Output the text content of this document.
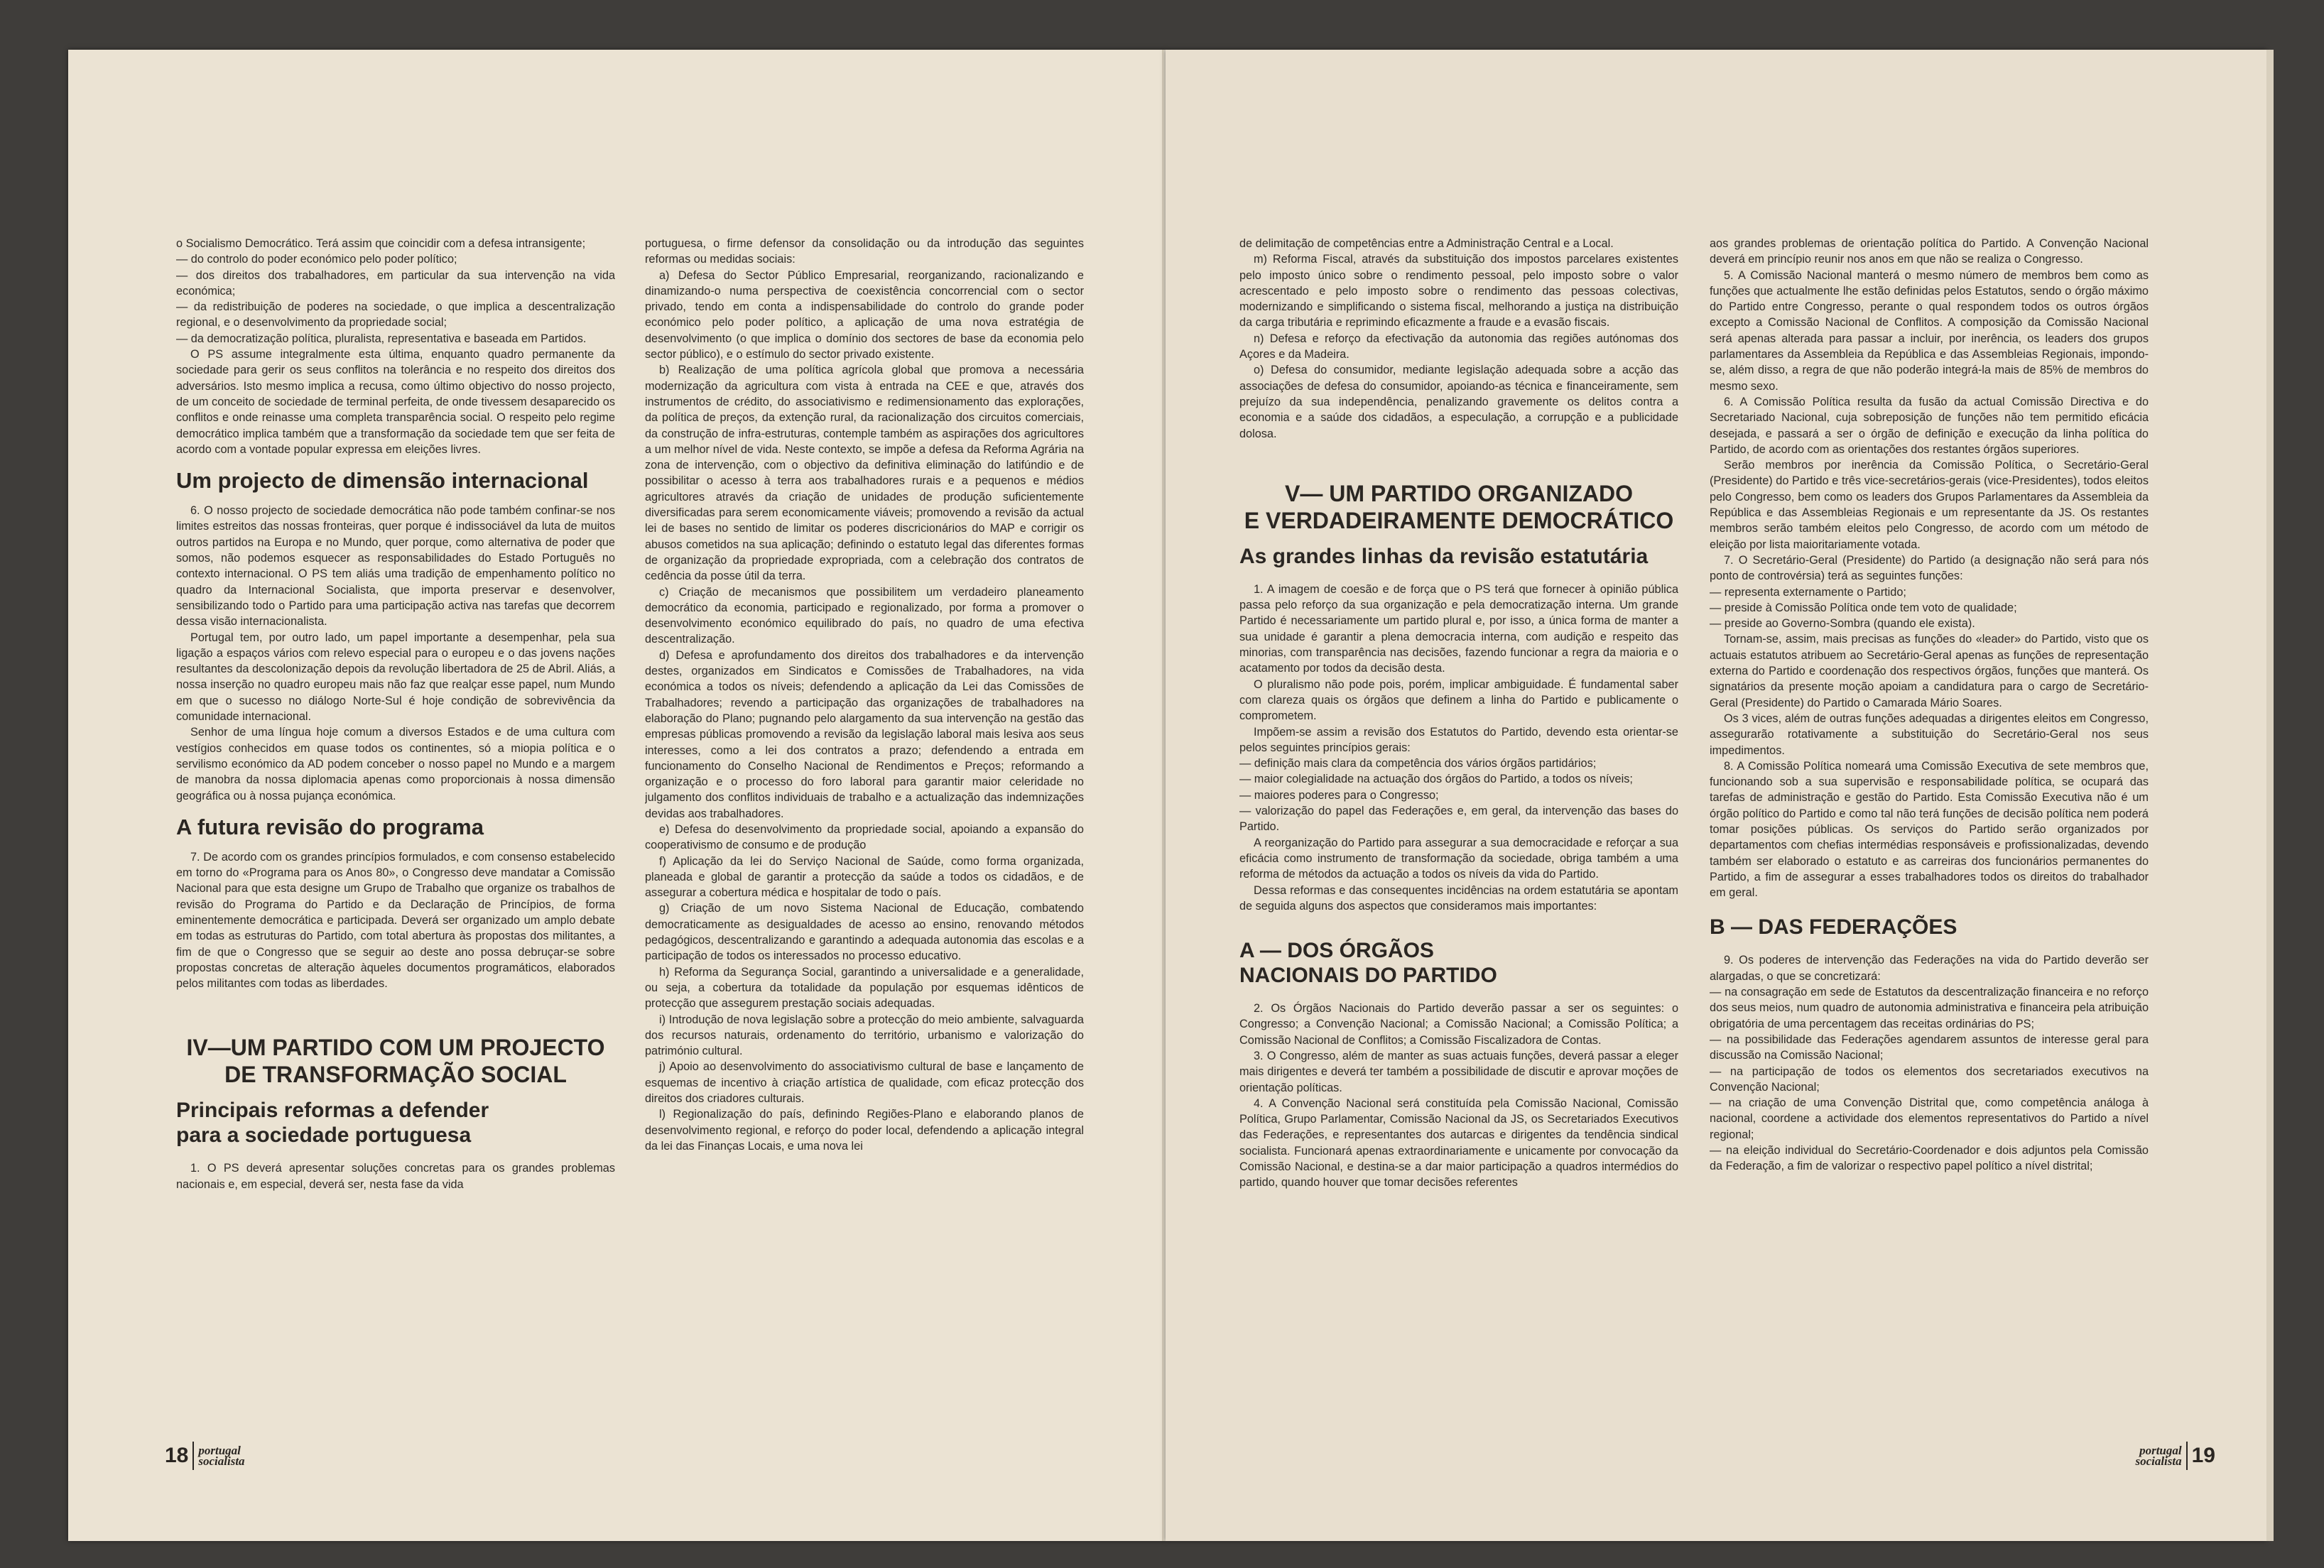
o Socialismo Democrático. Terá assim que coincidir com a defesa intransigente;

— do controlo do poder económico pelo poder político;

— dos direitos dos trabalhadores, em particular da sua intervenção na vida económica;

— da redistribuição de poderes na sociedade, o que implica a descentralização regional, e o desenvolvimento da propriedade social;

— da democratização política, pluralista, representativa e baseada em Partidos.

O PS assume integralmente esta última, enquanto quadro permanente da sociedade para gerir os seus conflitos na tolerância e no respeito dos direitos dos adversários. Isto mesmo implica a recusa, como último objectivo do nosso projecto, de um conceito de sociedade de terminal perfeita, de onde tivessem desaparecido os conflitos e onde reinasse uma completa transparência social. O respeito pelo regime democrático implica também que a transformação da sociedade tem que ser feita de acordo com a vontade popular expressa em eleições livres.

Um projecto de dimensão internacional

6. O nosso projecto de sociedade democrática não pode também confinar-se nos limites estreitos das nossas fronteiras, quer porque é indissociável da luta de muitos outros partidos na Europa e no Mundo, quer porque, como alternativa de poder que somos, não podemos esquecer as responsabilidades do Estado Português no contexto internacional. O PS tem aliás uma tradição de empenhamento político no quadro da Internacional Socialista, que importa preservar e desenvolver, sensibilizando todo o Partido para uma participação activa nas tarefas que decorrem dessa visão internacionalista.

Portugal tem, por outro lado, um papel importante a desempenhar, pela sua ligação a espaços vários com relevo especial para o europeu e o das jovens nações resultantes da descolonização depois da revolução libertadora de 25 de Abril. Aliás, a nossa inserção no quadro europeu mais não faz que realçar esse papel, num Mundo em que o sucesso no diálogo Norte-Sul é hoje condição de sobrevivência da comunidade internacional.

Senhor de uma língua hoje comum a diversos Estados e de uma cultura com vestígios conhecidos em quase todos os continentes, só a miopia política e o servilismo económico da AD podem conceber o nosso papel no Mundo e a margem de manobra da nossa diplomacia apenas como proporcionais à nossa dimensão geográfica ou à nossa pujança económica.

A futura revisão do programa

7. De acordo com os grandes princípios formulados, e com consenso estabelecido em torno do «Programa para os Anos 80», o Congresso deve mandatar a Comissão Nacional para que esta designe um Grupo de Trabalho que organize os trabalhos de revisão do Programa do Partido e da Declaração de Princípios, de forma eminentemente democrática e participada. Deverá ser organizado um amplo debate em todas as estruturas do Partido, com total abertura às propostas dos militantes, a fim de que o Congresso que se seguir ao deste ano possa debruçar-se sobre propostas concretas de alteração àqueles documentos programáticos, elaborados pelos militantes com todas as liberdades.

IV—UM PARTIDO COM UM PROJECTO
DE TRANSFORMAÇÃO SOCIAL
Principais reformas a defender
para a sociedade portuguesa

1. O PS deverá apresentar soluções concretas para os grandes problemas nacionais e, em especial, deverá ser, nesta fase da vida

portuguesa, o firme defensor da consolidação ou da introdução das seguintes reformas ou medidas sociais:

a) Defesa do Sector Público Empresarial, reorganizando, racionalizando e dinamizando-o numa perspectiva de coexistência concorrencial com o sector privado, tendo em conta a indispensabilidade do controlo do grande poder económico pelo poder político, a aplicação de uma nova estratégia de desenvolvimento (o que implica o domínio dos sectores de base da economia pelo sector público), e o estímulo do sector privado existente.

b) Realização de uma política agrícola global que promova a necessária modernização da agricultura com vista à entrada na CEE e que, através dos instrumentos de crédito, do associativismo e redimensionamento das explorações, da política de preços, da extenção rural, da racionalização dos circuitos comerciais, da construção de infra-estruturas, contemple também as aspirações dos agricultores a um melhor nível de vida. Neste contexto, se impõe a defesa da Reforma Agrária na zona de intervenção, com o objectivo da definitiva eliminação do latifúndio e de possibilitar o acesso à terra aos trabalhadores rurais e a pequenos e médios agricultores através da criação de unidades de produção suficientemente diversificadas para serem economicamente viáveis; promovendo a revisão da actual lei de bases no sentido de limitar os poderes discricionários do MAP e corrigir os abusos cometidos na sua aplicação; definindo o estatuto legal das diferentes formas de organização da propriedade expropriada, com a celebração dos contratos de cedência da posse útil da terra.

c) Criação de mecanismos que possibilitem um verdadeiro planeamento democrático da economia, participado e regionalizado, por forma a promover o desenvolvimento económico equilibrado do país, no quadro de uma efectiva descentralização.

d) Defesa e aprofundamento dos direitos dos trabalhadores e da intervenção destes, organizados em Sindicatos e Comissões de Trabalhadores, na vida económica a todos os níveis; defendendo a aplicação da Lei das Comissões de Trabalhadores; revendo a participação das organizações de trabalhadores na elaboração do Plano; pugnando pelo alargamento da sua intervenção na gestão das empresas públicas promovendo a revisão da legislação laboral mais lesiva aos seus interesses, como a lei dos contratos a prazo; defendendo a entrada em funcionamento do Conselho Nacional de Rendimentos e Preços; reformando a organização e o processo do foro laboral para garantir maior celeridade no julgamento dos conflitos individuais de trabalho e a actualização das indemnizações devidas aos trabalhadores.

e) Defesa do desenvolvimento da propriedade social, apoiando a expansão do cooperativismo de consumo e de produção

f) Aplicação da lei do Serviço Nacional de Saúde, como forma organizada, planeada e global de garantir a protecção da saúde a todos os cidadãos, e de assegurar a cobertura médica e hospitalar de todo o país.

g) Criação de um novo Sistema Nacional de Educação, combatendo democraticamente as desigualdades de acesso ao ensino, renovando métodos pedagógicos, descentralizando e garantindo a adequada autonomia das escolas e a participação de todos os interessados no processo educativo.

h) Reforma da Segurança Social, garantindo a universalidade e a generalidade, ou seja, a cobertura da totalidade da população por esquemas idênticos de protecção que assegurem prestação sociais adequadas.

i) Introdução de nova legislação sobre a protecção do meio ambiente, salvaguarda dos recursos naturais, ordenamento do território, urbanismo e valorização do património cultural.

j) Apoio ao desenvolvimento do associativismo cultural de base e lançamento de esquemas de incentivo à criação artística de qualidade, com eficaz protecção dos direitos dos criadores culturais.

l) Regionalização do país, definindo Regiões-Plano e elaborando planos de desenvolvimento regional, e reforço do poder local, defendendo a aplicação integral da lei das Finanças Locais, e uma nova lei

18 portugal
socialista

de delimitação de competências entre a Administração Central e a Local.

m) Reforma Fiscal, através da substituição dos impostos parcelares existentes pelo imposto único sobre o rendimento pessoal, pelo imposto sobre o valor acrescentado e pelo imposto sobre o rendimento das pessoas colectivas, modernizando e simplificando o sistema fiscal, melhorando a justiça na distribuição da carga tributária e reprimindo eficazmente a fraude e a evasão fiscais.

n) Defesa e reforço da efectivação da autonomia das regiões autónomas dos Açores e da Madeira.

o) Defesa do consumidor, mediante legislação adequada sobre a acção das associações de defesa do consumidor, apoiando-as técnica e financeiramente, sem prejuízo da sua independência, penalizando gravemente os delitos contra a economia e a saúde dos cidadãos, a especulação, a corrupção e a publicidade dolosa.

V— UM PARTIDO ORGANIZADO
E VERDADEIRAMENTE DEMOCRÁTICO
As grandes linhas da revisão estatutária

1. A imagem de coesão e de força que o PS terá que fornecer à opinião pública passa pelo reforço da sua organização e pela democratização interna. Um grande Partido é necessariamente um partido plural e, por isso, a única forma de manter a sua unidade é garantir a plena democracia interna, com audição e respeito das minorias, com transparência nas decisões, fazendo funcionar a regra da maioria e o acatamento por todos da decisão desta.

O pluralismo não pode pois, porém, implicar ambiguidade. É fundamental saber com clareza quais os órgãos que definem a linha do Partido e publicamente o comprometem.

Impõem-se assim a revisão dos Estatutos do Partido, devendo esta orientar-se pelos seguintes princípios gerais:

— definição mais clara da competência dos vários órgãos partidários;

— maior colegialidade na actuação dos órgãos do Partido, a todos os níveis;

— maiores poderes para o Congresso;

— valorização do papel das Federações e, em geral, da intervenção das bases do Partido.

A reorganização do Partido para assegurar a sua democracidade e reforçar a sua eficácia como instrumento de transformação da sociedade, obriga também a uma reforma de métodos da actuação a todos os níveis da vida do Partido.

Dessa reformas e das consequentes incidências na ordem estatutária se apontam de seguida alguns dos aspectos que consideramos mais importantes:

A — DOS ÓRGÃOS
NACIONAIS DO PARTIDO

2. Os Órgãos Nacionais do Partido deverão passar a ser os seguintes: o Congresso; a Convenção Nacional; a Comissão Nacional; a Comissão Política; a Comissão Nacional de Conflitos; a Comissão Fiscalizadora de Contas.

3. O Congresso, além de manter as suas actuais funções, deverá passar a eleger mais dirigentes e deverá ter também a possibilidade de discutir e aprovar moções de orientação políticas.

4. A Convenção Nacional será constituída pela Comissão Nacional, Comissão Política, Grupo Parlamentar, Comissão Nacional da JS, os Secretariados Executivos das Federações, e representantes dos autarcas e dirigentes da tendência sindical socialista. Funcionará apenas extraordinariamente e unicamente por convocação da Comissão Nacional, e destina-se a dar maior participação a quadros intermédios do partido, quando houver que tomar decisões referentes

aos grandes problemas de orientação política do Partido. A Convenção Nacional deverá em princípio reunir nos anos em que não se realiza o Congresso.

5. A Comissão Nacional manterá o mesmo número de membros bem como as funções que actualmente lhe estão definidas pelos Estatutos, sendo o órgão máximo do Partido entre Congresso, perante o qual respondem todos os outros órgãos excepto a Comissão Nacional de Conflitos. A composição da Comissão Nacional será apenas alterada para passar a incluir, por inerência, os leaders dos grupos parlamentares da Assembleia da República e das Assembleias Regionais, impondo-se, além disso, a regra de que não poderão integrá-la mais de 85% de membros do mesmo sexo.

6. A Comissão Política resulta da fusão da actual Comissão Directiva e do Secretariado Nacional, cuja sobreposição de funções não tem permitido eficácia desejada, e passará a ser o órgão de definição e execução da linha política do Partido, de acordo com as orientações dos restantes órgãos superiores.

Serão membros por inerência da Comissão Política, o Secretário-Geral (Presidente) do Partido e três vice-secretários-gerais (vice-Presidentes), todos eleitos pelo Congresso, bem como os leaders dos Grupos Parlamentares da Assembleia da República e das Assembleias Regionais e um representante da JS. Os restantes membros serão também eleitos pelo Congresso, de acordo com um método de eleição por lista maioritariamente votada.

7. O Secretário-Geral (Presidente) do Partido (a designação não será para nós ponto de controvérsia) terá as seguintes funções:

— representa externamente o Partido;

— preside à Comissão Política onde tem voto de qualidade;

— preside ao Governo-Sombra (quando ele exista).

Tornam-se, assim, mais precisas as funções do «leader» do Partido, visto que os actuais estatutos atribuem ao Secretário-Geral apenas as funções de representação externa do Partido e coordenação dos respectivos órgãos, funções que manterá. Os signatários da presente moção apoiam a candidatura para o cargo de Secretário-Geral (Presidente) do Partido o Camarada Mário Soares.

Os 3 vices, além de outras funções adequadas a dirigentes eleitos em Congresso, assegurarão rotativamente a substituição do Secretário-Geral nos seus impedimentos.

8. A Comissão Política nomeará uma Comissão Executiva de sete membros que, funcionando sob a sua supervisão e responsabilidade política, se ocupará das tarefas de administração e gestão do Partido. Esta Comissão Executiva não é um órgão político do Partido e como tal não terá funções de decisão política nem poderá tomar posições públicas. Os serviços do Partido serão organizados por departamentos com chefias intermédias responsáveis e profissionalizadas, devendo também ser elaborado o estatuto e as carreiras dos funcionários permanentes do Partido, a fim de assegurar a esses trabalhadores todos os direitos do trabalhador em geral.

B — DAS FEDERAÇÕES

9. Os poderes de intervenção das Federações na vida do Partido deverão ser alargadas, o que se concretizará:

— na consagração em sede de Estatutos da descentralização financeira e no reforço dos seus meios, num quadro de autonomia administrativa e financeira pela atribuição obrigatória de uma percentagem das receitas ordinárias do PS;

— na possibilidade das Federações agendarem assuntos de interesse geral para discussão na Comissão Nacional;

— na participação de todos os elementos dos secretariados executivos na Convenção Nacional;

— na criação de uma Convenção Distrital que, como competência análoga à nacional, coordene a actividade dos elementos representativos do Partido a nível regional;

— na eleição individual do Secretário-Coordenador e dois adjuntos pela Comissão da Federação, a fim de valorizar o respectivo papel político a nível distrital;

portugal
socialista 19
